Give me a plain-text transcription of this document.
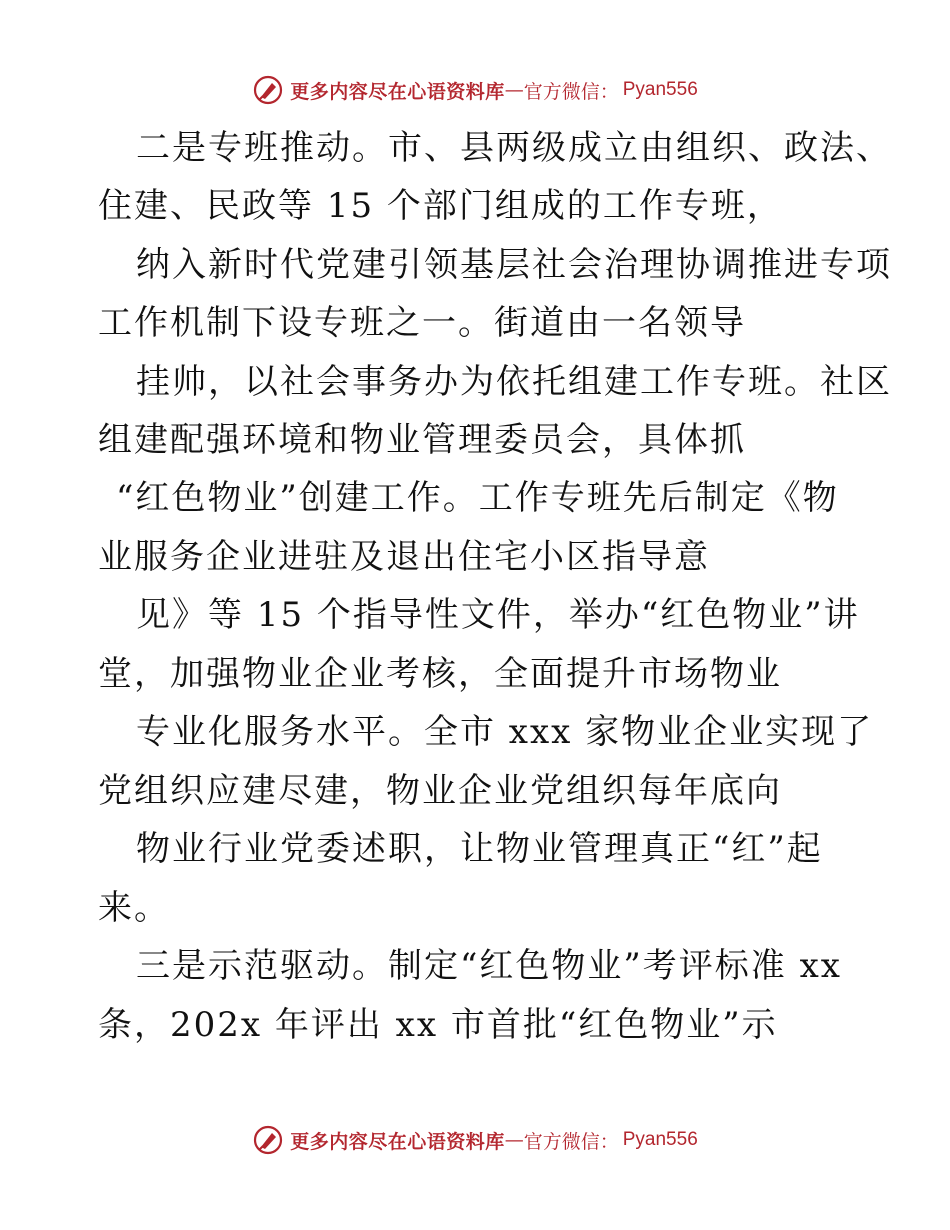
更多内容尽在心语资料库 — 官方微信： Pyan556
二是专班推动。市、县两级成立由组织、政法、
住建、民政等 15 个部门组成的工作专班，
纳入新时代党建引领基层社会治理协调推进专项
工作机制下设专班之一。街道由一名领导
挂帅，以社会事务办为依托组建工作专班。社区
组建配强环境和物业管理委员会，具体抓
“红色物业”创建工作。工作专班先后制定《物
业服务企业进驻及退出住宅小区指导意
见》等 15 个指导性文件，举办“红色物业”讲
堂，加强物业企业考核，全面提升市场物业
专业化服务水平。全市 xxx 家物业企业实现了
党组织应建尽建，物业企业党组织每年底向
物业行业党委述职，让物业管理真正“红”起
来。
三是示范驱动。制定“红色物业”考评标准 xx
条，202x 年评出 xx 市首批“红色物业”示
更多内容尽在心语资料库 — 官方微信： Pyan556
